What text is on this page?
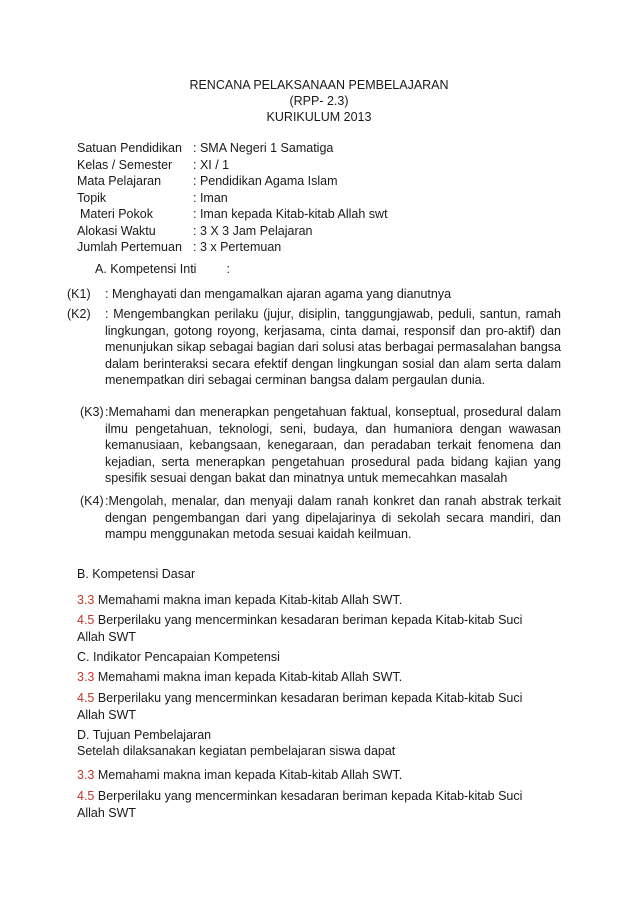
RENCANA PELAKSANAAN PEMBELAJARAN
(RPP- 2.3)
KURIKULUM 2013
Satuan Pendidikan : SMA Negeri 1 Samatiga
Kelas / Semester	: XI / 1
Mata Pelajaran	: Pendidikan Agama Islam
Topik	: Iman
Materi Pokok	: Iman kepada Kitab-kitab Allah swt
Alokasi Waktu	: 3 X 3 Jam Pelajaran
Jumlah Pertemuan : 3 x Pertemuan
A. Kompetensi Inti :
(K1)	: Menghayati dan mengamalkan ajaran agama yang dianutnya
(K2)	: Mengembangkan perilaku (jujur, disiplin, tanggungjawab, peduli, santun, ramah lingkungan, gotong royong, kerjasama, cinta damai, responsif dan pro-aktif) dan menunjukan sikap sebagai bagian dari solusi atas berbagai permasalahan bangsa dalam berinteraksi secara efektif dengan lingkungan sosial dan alam serta dalam menempatkan diri sebagai cerminan bangsa dalam pergaulan dunia.
(K3) :Memahami dan menerapkan pengetahuan faktual, konseptual, prosedural dalam ilmu pengetahuan, teknologi, seni, budaya, dan humaniora dengan wawasan kemanusiaan, kebangsaan, kenegaraan, dan peradaban terkait fenomena dan kejadian, serta menerapkan pengetahuan prosedural pada bidang kajian yang spesifik sesuai dengan bakat dan minatnya untuk memecahkan masalah
(K4) :Mengolah, menalar, dan menyaji dalam ranah konkret dan ranah abstrak terkait dengan pengembangan dari yang dipelajarinya di sekolah secara mandiri, dan mampu menggunakan metoda sesuai kaidah keilmuan.
B. Kompetensi Dasar
3.3 Memahami makna iman kepada Kitab-kitab Allah SWT.
4.5 Berperilaku yang mencerminkan kesadaran beriman kepada Kitab-kitab Suci Allah SWT
C. Indikator Pencapaian Kompetensi
3.3 Memahami makna iman kepada Kitab-kitab Allah SWT.
4.5 Berperilaku yang mencerminkan kesadaran beriman kepada Kitab-kitab Suci Allah SWT
D. Tujuan Pembelajaran
Setelah dilaksanakan kegiatan pembelajaran siswa dapat
3.3 Memahami makna iman kepada Kitab-kitab Allah SWT.
4.5 Berperilaku yang mencerminkan kesadaran beriman kepada Kitab-kitab Suci Allah SWT
